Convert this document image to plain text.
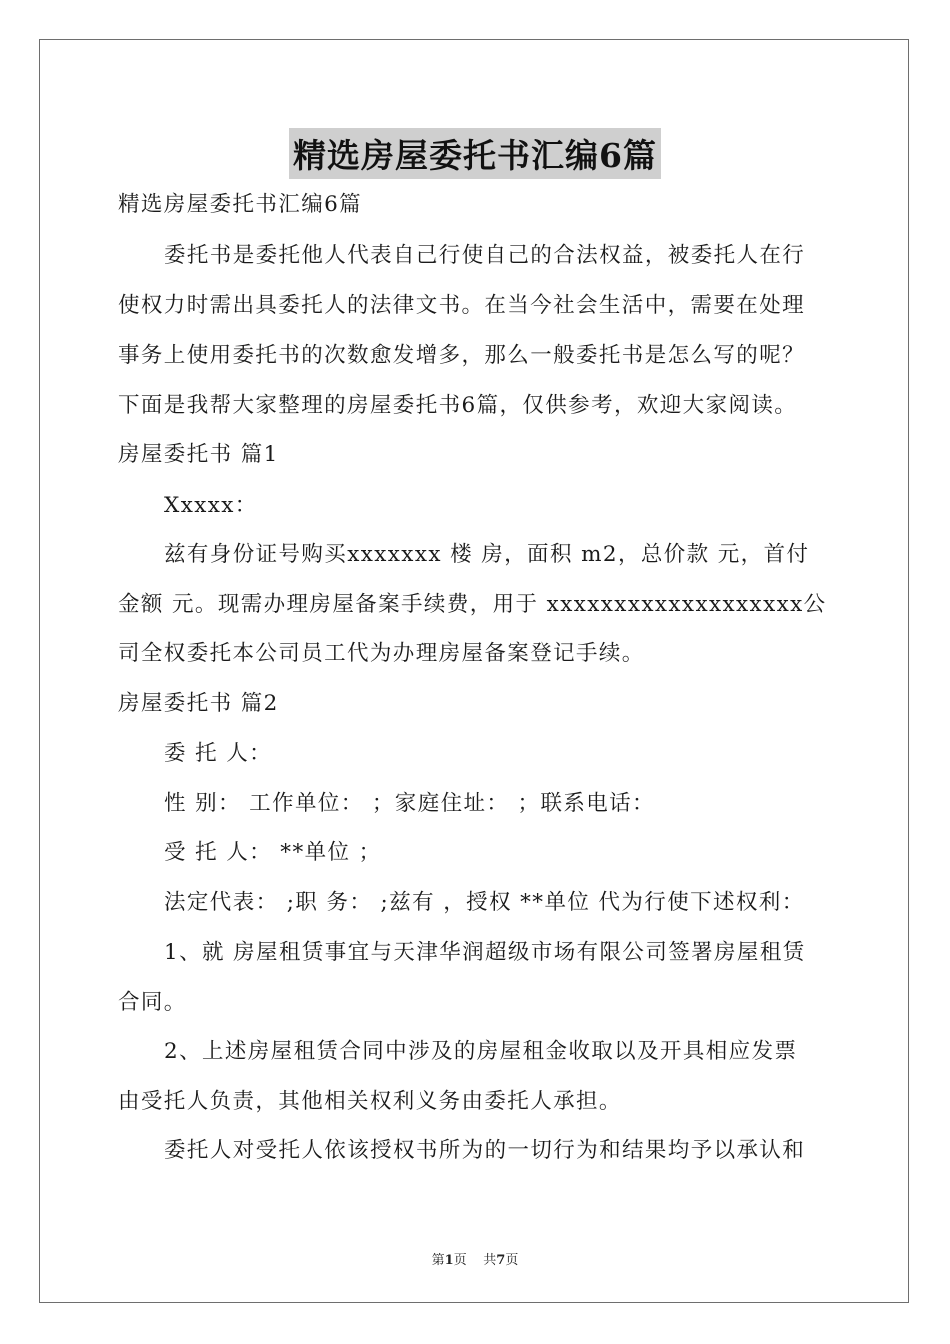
精选房屋委托书汇编6篇
精选房屋委托书汇编6篇
委托书是委托他人代表自己行使自己的合法权益，被委托人在行
使权力时需出具委托人的法律文书。在当今社会生活中，需要在处理
事务上使用委托书的次数愈发增多，那么一般委托书是怎么写的呢？
下面是我帮大家整理的房屋委托书6篇，仅供参考，欢迎大家阅读。
房屋委托书 篇1
Xxxxx：
兹有身份证号购买xxxxxxx 楼 房，面积 m2，总价款 元，首付
金额 元。现需办理房屋备案手续费，用于 xxxxxxxxxxxxxxxxxxx公
司全权委托本公司员工代为办理房屋备案登记手续。
房屋委托书 篇2
委 托 人：
性 别： 工作单位： ；家庭住址： ；联系电话：
受 托 人： **单位 ；
法定代表： ;职 务： ;兹有 ，授权 **单位 代为行使下述权利：
1、就 房屋租赁事宜与天津华润超级市场有限公司签署房屋租赁
合同。
2、上述房屋租赁合同中涉及的房屋租金收取以及开具相应发票
由受托人负责，其他相关权利义务由委托人承担。
委托人对受托人依该授权书所为的一切行为和结果均予以承认和
第1页 共7页
